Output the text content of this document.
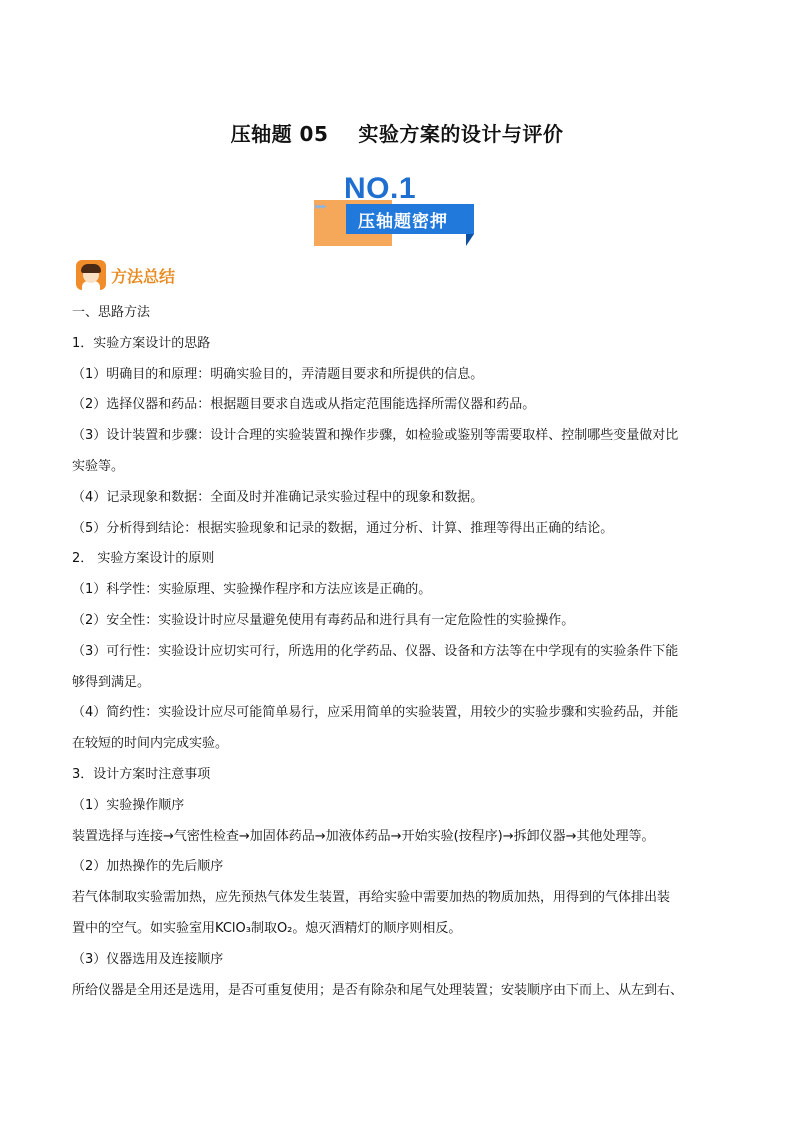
压轴题 05 实验方案的设计与评价
▸▸▸
NO.1
压轴题密押
方法总结
一、思路方法
1．实验方案设计的思路
（1）明确目的和原理：明确实验目的，弄清题目要求和所提供的信息。
（2）选择仪器和药品：根据题目要求自选或从指定范围能选择所需仪器和药品。
（3）设计装置和步骤：设计合理的实验装置和操作步骤，如检验或鉴别等需要取样、控制哪些变量做对比
实验等。
（4）记录现象和数据：全面及时并准确记录实验过程中的现象和数据。
（5）分析得到结论：根据实验现象和记录的数据，通过分析、计算、推理等得出正确的结论。
2． 实验方案设计的原则
（1）科学性：实验原理、实验操作程序和方法应该是正确的。
（2）安全性：实验设计时应尽量避免使用有毒药品和进行具有一定危险性的实验操作。
（3）可行性：实验设计应切实可行，所选用的化学药品、仪器、设备和方法等在中学现有的实验条件下能
够得到满足。
（4）简约性：实验设计应尽可能简单易行，应采用简单的实验装置，用较少的实验步骤和实验药品，并能
在较短的时间内完成实验。
3．设计方案时注意事项
（1）实验操作顺序
装置选择与连接→气密性检查→加固体药品→加液体药品→开始实验(按程序)→拆卸仪器→其他处理等。
（2）加热操作的先后顺序
若气体制取实验需加热，应先预热气体发生装置，再给实验中需要加热的物质加热，用得到的气体排出装
置中的空气。如实验室用KClO₃制取O₂。熄灭酒精灯的顺序则相反。
（3）仪器选用及连接顺序
所给仪器是全用还是选用，是否可重复使用；是否有除杂和尾气处理装置；安装顺序由下而上、从左到右、
